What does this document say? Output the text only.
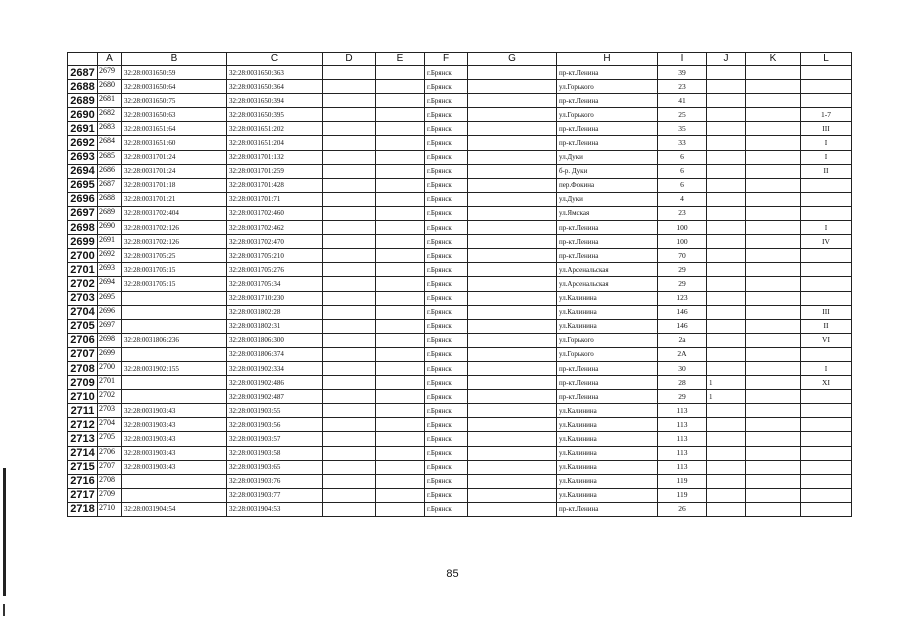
	A	B	C	D	E	F	G	H	I	J	K	L
2687	2679	32:28:0031650:59	32:28:0031650:363			г.Брянск		пр-кт.Ленина	39			
2688	2680	32:28:0031650:64	32:28:0031650:364			г.Брянск		ул.Горького	23			
2689	2681	32:28:0031650:75	32:28:0031650:394			г.Брянск		пр-кт.Ленина	41			
2690	2682	32:28:0031650:63	32:28:0031650:395			г.Брянск		ул.Горького	25			1-7
2691	2683	32:28:0031651:64	32:28:0031651:202			г.Брянск		пр-кт.Ленина	35			III
2692	2684	32:28:0031651:60	32:28:0031651:204			г.Брянск		пр-кт.Ленина	33			I
2693	2685	32:28:0031701:24	32:28:0031701:132			г.Брянск		ул.Дуки	6			I
2694	2686	32:28:0031701:24	32:28:0031701:259			г.Брянск		б-р. Дуки	6			II
2695	2687	32:28:0031701:18	32:28:0031701:428			г.Брянск		пер.Фокина	6			
2696	2688	32:28:0031701:21	32:28:0031701:71			г.Брянск		ул.Дуки	4			
2697	2689	32:28:0031702:404	32:28:0031702:460			г.Брянск		ул.Ямская	23			
2698	2690	32:28:0031702:126	32:28:0031702:462			г.Брянск		пр-кт.Ленина	100			I
2699	2691	32:28:0031702:126	32:28:0031702:470			г.Брянск		пр-кт.Ленина	100			IV
2700	2692	32:28:0031705:25	32:28:0031705:210			г.Брянск		пр-кт.Ленина	70			
2701	2693	32:28:0031705:15	32:28:0031705:276			г.Брянск		ул.Арсенальская	29			
2702	2694	32:28:0031705:15	32:28:0031705:34			г.Брянск		ул.Арсенальская	29			
2703	2695		32:28:0031710:230			г.Брянск		ул.Калинина	123			
2704	2696		32:28:0031802:28			г.Брянск		ул.Калинина	146			III
2705	2697		32:28:0031802:31			г.Брянск		ул.Калинина	146			II
2706	2698	32:28:0031806:236	32:28:0031806:300			г.Брянск		ул.Горького	2а			VI
2707	2699		32:28:0031806:374			г.Брянск		ул.Горького	2А			
2708	2700	32:28:0031902:155	32:28:0031902:334			г.Брянск		пр-кт.Ленина	30			I
2709	2701		32:28:0031902:486			г.Брянск		пр-кт.Ленина	28	1		XI
2710	2702		32:28:0031902:487			г.Брянск		пр-кт.Ленина	29	1		
2711	2703	32:28:0031903:43	32:28:0031903:55			г.Брянск		ул.Калинина	113			
2712	2704	32:28:0031903:43	32:28:0031903:56			г.Брянск		ул.Калинина	113			
2713	2705	32:28:0031903:43	32:28:0031903:57			г.Брянск		ул.Калинина	113			
2714	2706	32:28:0031903:43	32:28:0031903:58			г.Брянск		ул.Калинина	113			
2715	2707	32:28:0031903:43	32:28:0031903:65			г.Брянск		ул.Калинина	113			
2716	2708		32:28:0031903:76			г.Брянск		ул.Калинина	119			
2717	2709		32:28:0031903:77			г.Брянск		ул.Калинина	119			
2718	2710	32:28:0031904:54	32:28:0031904:53			г.Брянск		пр-кт.Ленина	26			
85
